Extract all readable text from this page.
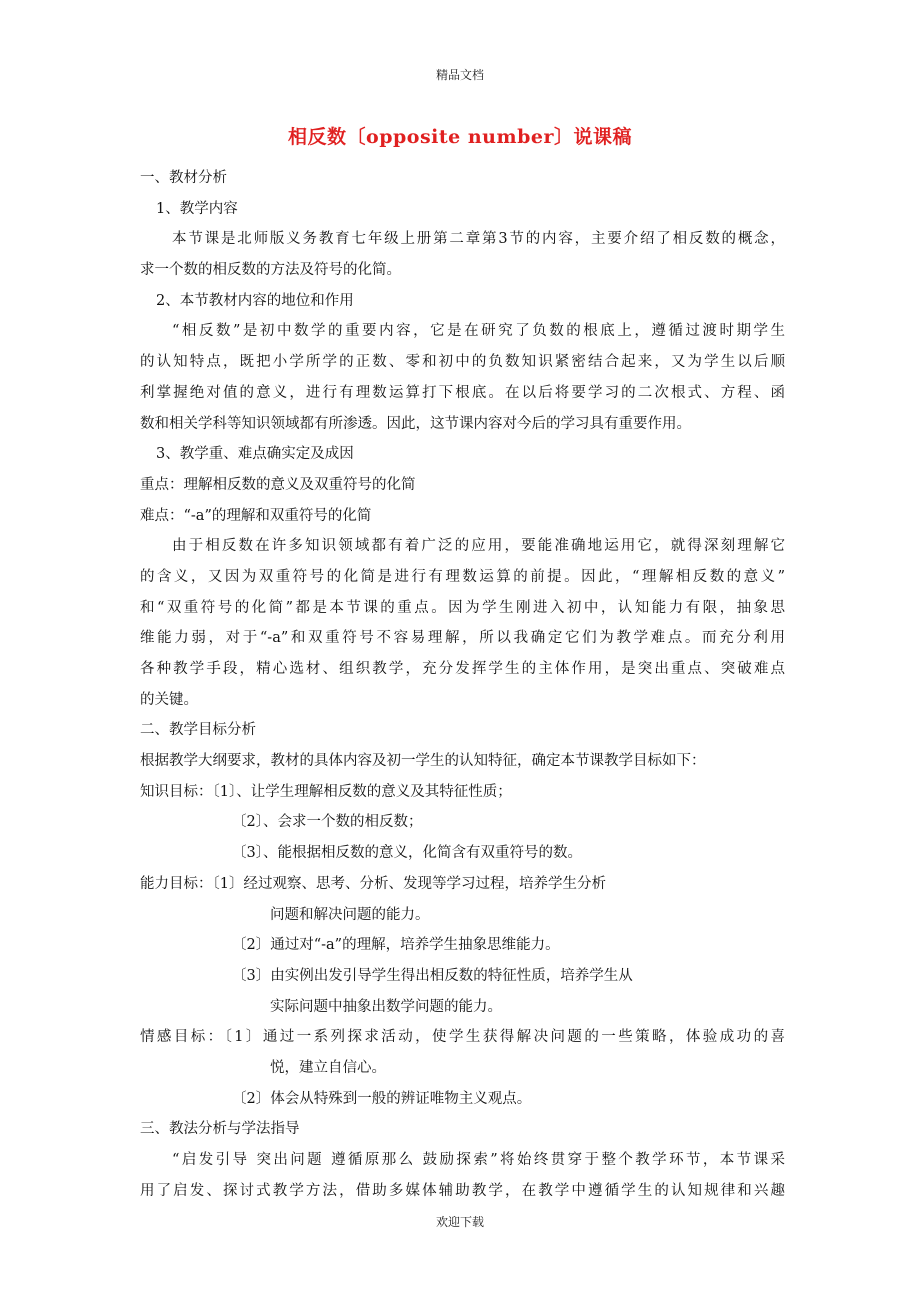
精品文档
相反数〔opposite number〕说课稿
一、教材分析
1、教学内容
本节课是北师版义务教育七年级上册第二章第3节的内容，主要介绍了相反数的概念，
求一个数的相反数的方法及符号的化简。
2、本节教材内容的地位和作用
“相反数”是初中数学的重要内容，它是在研究了负数的根底上，遵循过渡时期学生
的认知特点，既把小学所学的正数、零和初中的负数知识紧密结合起来，又为学生以后顺
利掌握绝对值的意义，进行有理数运算打下根底。在以后将要学习的二次根式、方程、函
数和相关学科等知识领域都有所渗透。因此，这节课内容对今后的学习具有重要作用。
3、教学重、难点确实定及成因
重点：理解相反数的意义及双重符号的化简
难点：“-a”的理解和双重符号的化简
由于相反数在许多知识领域都有着广泛的应用，要能准确地运用它，就得深刻理解它
的含义，又因为双重符号的化简是进行有理数运算的前提。因此，“理解相反数的意义”
和“双重符号的化简”都是本节课的重点。因为学生刚进入初中，认知能力有限，抽象思
维能力弱，对于“-a”和双重符号不容易理解，所以我确定它们为教学难点。而充分利用
各种教学手段，精心选材、组织教学，充分发挥学生的主体作用，是突出重点、突破难点
的关键。
二、教学目标分析
根据教学大纲要求，教材的具体内容及初一学生的认知特征，确定本节课教学目标如下：
知识目标：〔1〕、让学生理解相反数的意义及其特征性质；
〔2〕、会求一个数的相反数；
〔3〕、能根据相反数的意义，化简含有双重符号的数。
能力目标：〔1〕经过观察、思考、分析、发现等学习过程，培养学生分析
问题和解决问题的能力。
〔2〕通过对“-a”的理解，培养学生抽象思维能力。
〔3〕由实例出发引导学生得出相反数的特征性质，培养学生从
实际问题中抽象出数学问题的能力。
情感目标：〔1〕通过一系列探求活动，使学生获得解决问题的一些策略，体验成功的喜
悦，建立自信心。
〔2〕体会从特殊到一般的辨证唯物主义观点。
三、教法分析与学法指导
“启发引导 突出问题 遵循原那么 鼓励探索”将始终贯穿于整个教学环节，本节课采
用了启发、探讨式教学方法，借助多媒体辅助教学，在教学中遵循学生的认知规律和兴趣
欢迎下载
